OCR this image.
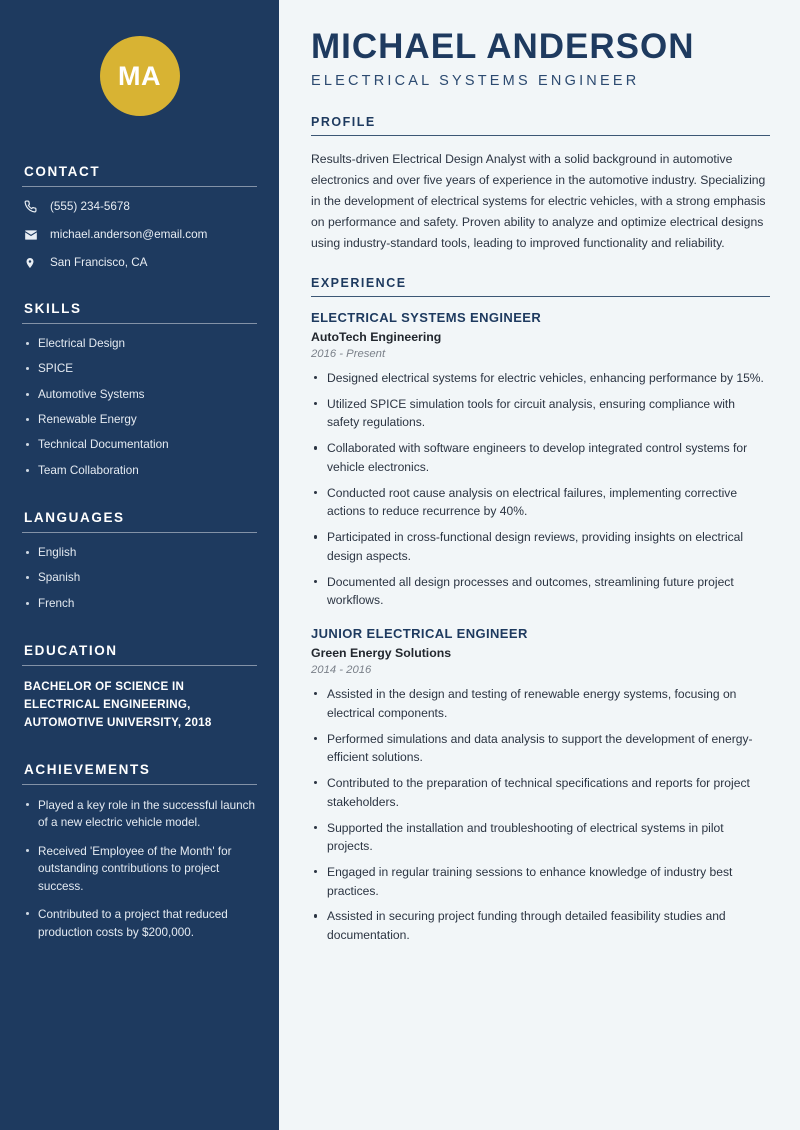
MA
CONTACT
(555) 234-5678
michael.anderson@email.com
San Francisco, CA
SKILLS
Electrical Design
SPICE
Automotive Systems
Renewable Energy
Technical Documentation
Team Collaboration
LANGUAGES
English
Spanish
French
EDUCATION

BACHELOR OF SCIENCE IN ELECTRICAL ENGINEERING, AUTOMOTIVE UNIVERSITY, 2018

ACHIEVEMENTS
Played a key role in the successful launch of a new electric vehicle model.
Received 'Employee of the Month' for outstanding contributions to project success.
Contributed to a project that reduced production costs by $200,000.
MICHAEL ANDERSON
ELECTRICAL SYSTEMS ENGINEER
PROFILE

Results-driven Electrical Design Analyst with a solid background in automotive electronics and over five years of experience in the automotive industry. Specializing in the development of electrical systems for electric vehicles, with a strong emphasis on performance and safety. Proven ability to analyze and optimize electrical designs using industry-standard tools, leading to improved functionality and reliability.

EXPERIENCE
ELECTRICAL SYSTEMS ENGINEER
AutoTech Engineering
2016 - Present
Designed electrical systems for electric vehicles, enhancing performance by 15%.
Utilized SPICE simulation tools for circuit analysis, ensuring compliance with safety regulations.
Collaborated with software engineers to develop integrated control systems for vehicle electronics.
Conducted root cause analysis on electrical failures, implementing corrective actions to reduce recurrence by 40%.
Participated in cross-functional design reviews, providing insights on electrical design aspects.
Documented all design processes and outcomes, streamlining future project workflows.
JUNIOR ELECTRICAL ENGINEER
Green Energy Solutions
2014 - 2016
Assisted in the design and testing of renewable energy systems, focusing on electrical components.
Performed simulations and data analysis to support the development of energy-efficient solutions.
Contributed to the preparation of technical specifications and reports for project stakeholders.
Supported the installation and troubleshooting of electrical systems in pilot projects.
Engaged in regular training sessions to enhance knowledge of industry best practices.
Assisted in securing project funding through detailed feasibility studies and documentation.
